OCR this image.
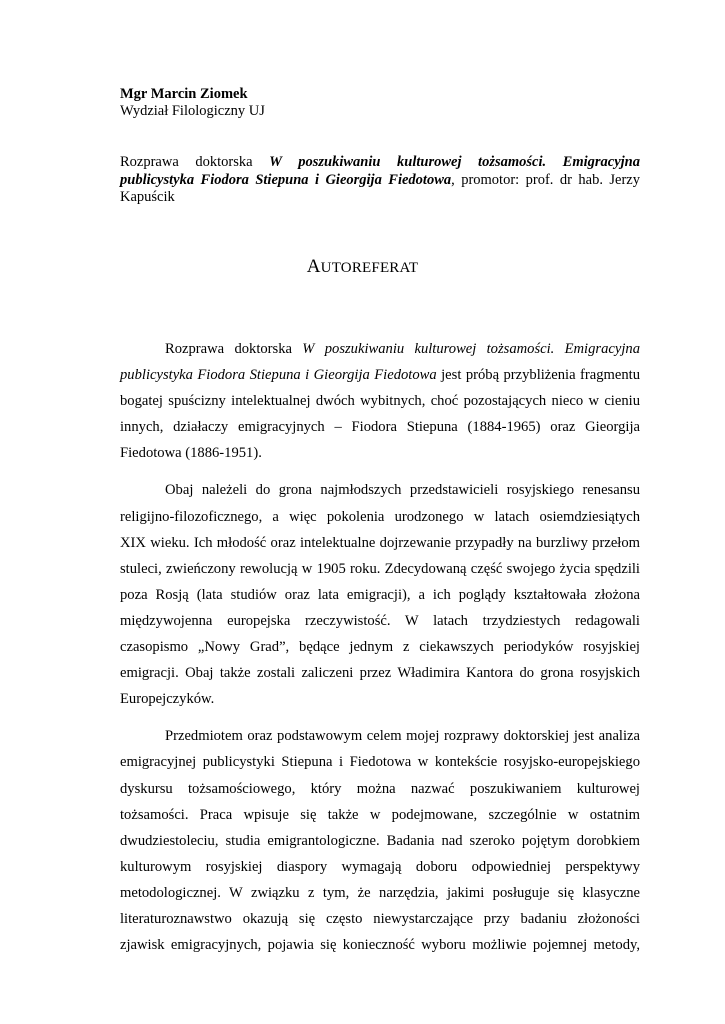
Mgr Marcin Ziomek
Wydział Filologiczny UJ
Rozprawa doktorska W poszukiwaniu kulturowej tożsamości. Emigracyjna publicystyka Fiodora Stiepuna i Gieorgija Fiedotowa, promotor: prof. dr hab. Jerzy Kapuścik
AUTOREFERAT

Rozprawa doktorska W poszukiwaniu kulturowej tożsamości. Emigracyjna
publicystyka Fiodora Stiepuna i Gieorgija Fiedotowa jest próbą przybliżenia fragmentu
bogatej spuścizny intelektualnej dwóch wybitnych, choć pozostających nieco w cieniu
innych, działaczy emigracyjnych – Fiodora Stiepuna (1884-1965) oraz Gieorgija
Fiedotowa (1886-1951).

Obaj należeli do grona najmłodszych przedstawicieli rosyjskiego renesansu
religijno-filozoficznego, a więc pokolenia urodzonego w latach osiemdziesiątych
XIX wieku. Ich młodość oraz intelektualne dojrzewanie przypadły na burzliwy przełom
stuleci, zwieńczony rewolucją w 1905 roku. Zdecydowaną część swojego życia spędzili
poza Rosją (lata studiów oraz lata emigracji), a ich poglądy kształtowała złożona
międzywojenna europejska rzeczywistość. W latach trzydziestych redagowali
czasopismo „Nowy Grad”, będące jednym z ciekawszych periodyków rosyjskiej
emigracji. Obaj także zostali zaliczeni przez Władimira Kantora do grona rosyjskich
Europejczyków.

Przedmiotem oraz podstawowym celem mojej rozprawy doktorskiej jest analiza
emigracyjnej publicystyki Stiepuna i Fiedotowa w kontekście rosyjsko-europejskiego
dyskursu tożsamościowego, który można nazwać poszukiwaniem kulturowej
tożsamości. Praca wpisuje się także w podejmowane, szczególnie w ostatnim
dwudziestoleciu, studia emigrantologiczne. Badania nad szeroko pojętym dorobkiem
kulturowym rosyjskiej diaspory wymagają doboru odpowiedniej perspektywy
metodologicznej. W związku z tym, że narzędzia, jakimi posługuje się klasyczne
literaturoznawstwo okazują się często niewystarczające przy badaniu złożoności
zjawisk emigracyjnych, pojawia się konieczność wyboru możliwie pojemnej metody,
